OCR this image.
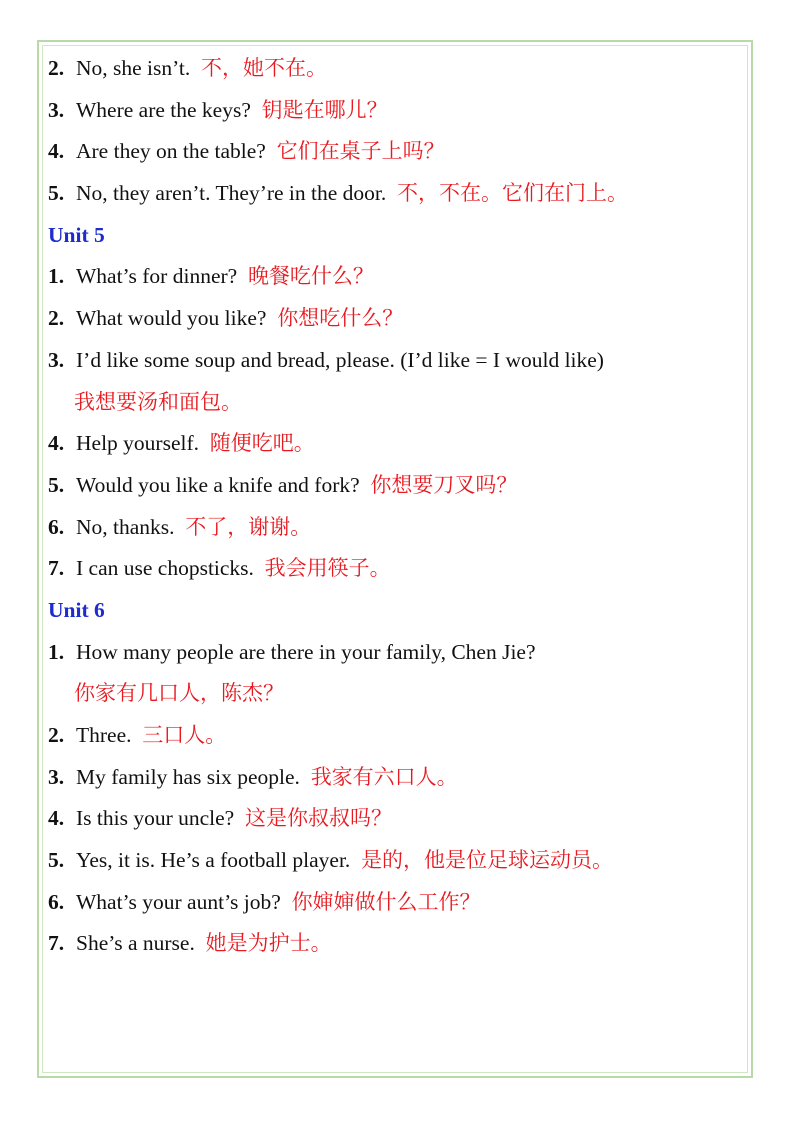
2. No, she isn’t. 不，她不在。
3. Where are the keys? 钥匙在哪儿？
4. Are they on the table? 它们在桌子上吗？
5. No, they aren’t. They’re in the door. 不，不在。它们在门上。
Unit 5
1. What’s for dinner? 晚餐吃什么？
2. What would you like? 你想吃什么？
3. I’d like some soup and bread, please. (I’d like = I would like)
我想要汤和面包。
4. Help yourself. 随便吃吧。
5. Would you like a knife and fork? 你想要刀叉吗？
6. No, thanks. 不了，谢谢。
7. I can use chopsticks. 我会用筷子。
Unit 6
1. How many people are there in your family, Chen Jie?
你家有几口人，陈杰？
2. Three. 三口人。
3. My family has six people. 我家有六口人。
4. Is this your uncle? 这是你叔叔吗？
5. Yes, it is. He’s a football player. 是的，他是位足球运动员。
6. What’s your aunt’s job? 你婶婶做什么工作？
7. She’s a nurse. 她是为护士。
